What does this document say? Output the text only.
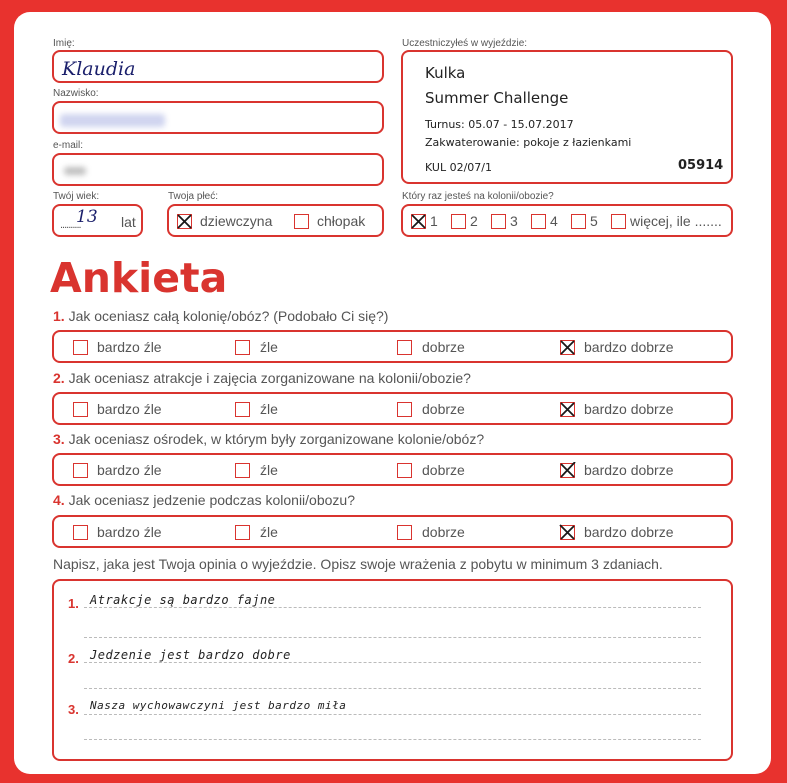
Imię:
Klaudia
Nazwisko:
e-mail:
Twój wiek:
..........
13 lat
Twoja płeć:
dziewczyna	chłopak
Uczestniczyłeś w wyjeździe:
Kulka
Summer Challenge
Turnus: 05.07 - 15.07.2017
Zakwaterowanie: pokoje z łazienkami
KUL 02/07/1	05914
Który raz jesteś na kolonii/obozie?
1 2 3 4 5 więcej, ile .......
Ankieta
1. Jak oceniasz całą kolonię/obóz? (Podobało Ci się?)
bardzo źle	źle	dobrze	bardzo dobrze
2. Jak oceniasz atrakcje i zajęcia zorganizowane na kolonii/obozie?
bardzo źle	źle	dobrze	bardzo dobrze
3. Jak oceniasz ośrodek, w którym były zorganizowane kolonie/obóz?
bardzo źle	źle	dobrze	bardzo dobrze
4. Jak oceniasz jedzenie podczas kolonii/obozu?
bardzo źle	źle	dobrze	bardzo dobrze
Napisz, jaka jest Twoja opinia o wyjeździe. Opisz swoje wrażenia z pobytu w minimum 3 zdaniach.
1. Atrakcje są bardzo fajne
2. Jedzenie jest bardzo dobre
3. Nasza wychowawczyni jest bardzo miła
